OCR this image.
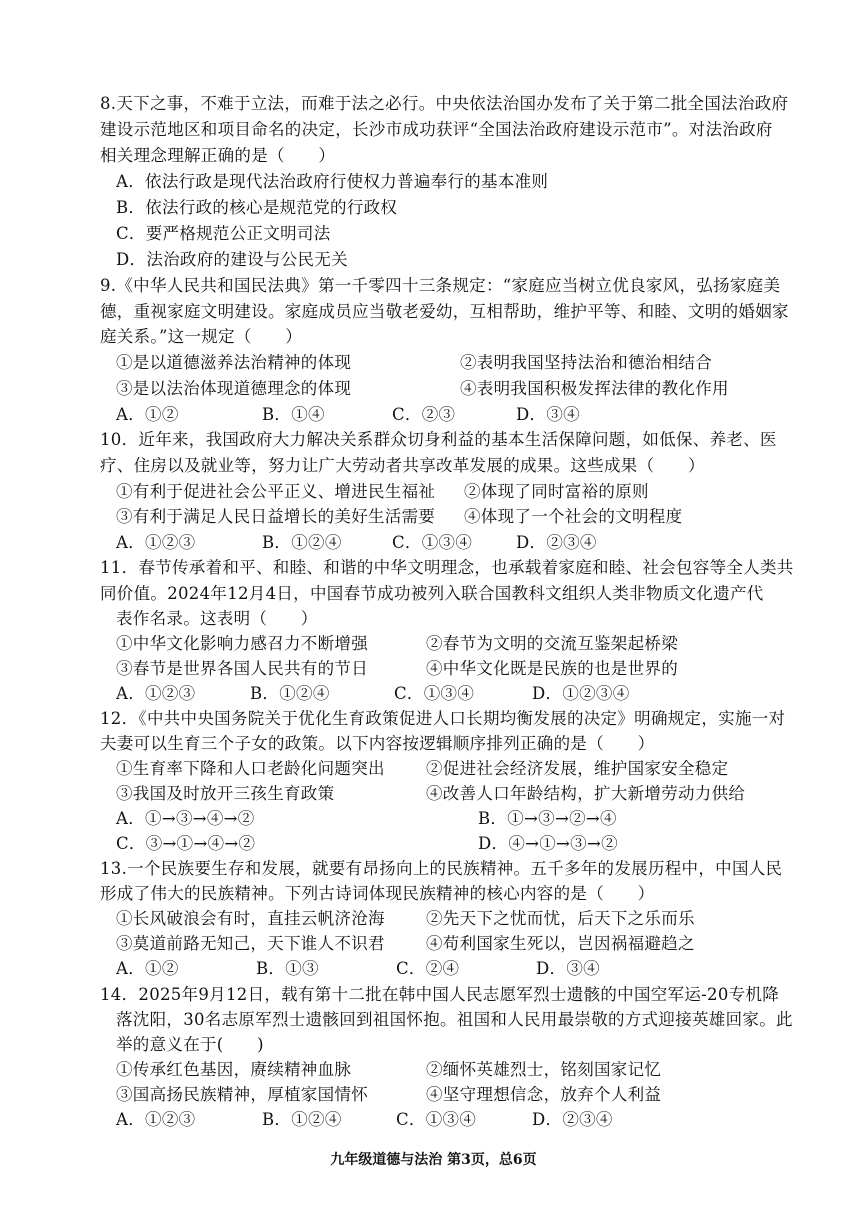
8.天下之事，不难于立法，而难于法之必行。中央依法治国办发布了关于第二批全国法治政府
建设示范地区和项目命名的决定，长沙市成功获评“全国法治政府建设示范市”。对法治政府
相关理念理解正确的是（　　）
A．依法行政是现代法治政府行使权力普遍奉行的基本准则
B．依法行政的核心是规范党的行政权
C．要严格规范公正文明司法
D．法治政府的建设与公民无关
9.《中华人民共和国民法典》第一千零四十三条规定：“家庭应当树立优良家风，弘扬家庭美
德，重视家庭文明建设。家庭成员应当敬老爱幼，互相帮助，维护平等、和睦、文明的婚姻家
庭关系。”这一规定（　　）
①是以道德滋养法治精神的体现	②表明我国坚持法治和德治相结合
③是以法治体现道德理念的体现	④表明我国积极发挥法律的教化作用
A．①②	B．①④	C．②③	D．③④
10．近年来，我国政府大力解决关系群众切身利益的基本生活保障问题，如低保、养老、医
疗、住房以及就业等，努力让广大劳动者共享改革发展的成果。这些成果（　　）
①有利于促进社会公平正义、增进民生福祉 ②体现了同时富裕的原则
③有利于满足人民日益增长的美好生活需要 ④体现了一个社会的文明程度
A．①②③	B．①②④	C．①③④	D．②③④
11．春节传承着和平、和睦、和谐的中华文明理念，也承载着家庭和睦、社会包容等全人类共
同价值。2024年12月4日，中国春节成功被列入联合国教科文组织人类非物质文化遗产代
表作名录。这表明（　　）
①中华文化影响力感召力不断增强	②春节为文明的交流互鉴架起桥梁
③春节是世界各国人民共有的节日	④中华文化既是民族的也是世界的
A．①②③	B．①②④	C．①③④	D．①②③④
12．《中共中央国务院关于优化生育政策促进人口长期均衡发展的决定》明确规定，实施一对
夫妻可以生育三个子女的政策。以下内容按逻辑顺序排列正确的是（　　）
①生育率下降和人口老龄化问题突出 ②促进社会经济发展，维护国家安全稳定
③我国及时放开三孩生育政策	④改善人口年龄结构，扩大新增劳动力供给
A．①→③→④→②	B．①→③→②→④
C．③→①→④→②	D．④→①→③→②
13.一个民族要生存和发展，就要有昂扬向上的民族精神。五千多年的发展历程中，中国人民
形成了伟大的民族精神。下列古诗词体现民族精神的核心内容的是（　　）
①长风破浪会有时，直挂云帆济沧海 ②先天下之忧而忧，后天下之乐而乐
③莫道前路无知己，天下谁人不识君 ④苟利国家生死以，岂因祸福避趋之
A．①②	B．①③	C．②④	D．③④
14．2025年9月12日，载有第十二批在韩中国人民志愿军烈士遗骸的中国空军运-20专机降
落沈阳，30名志原军烈士遗骸回到祖国怀抱。祖国和人民用最崇敬的方式迎接英雄回家。此
举的意义在于(　　)
①传承红色基因，赓续精神血脉	②缅怀英雄烈士，铭刻国家记忆
③国高扬民族精神，厚植家国情怀	④坚守理想信念，放弃个人利益
A．①②③	B．①②④	C．①③④	D．②③④
九年级道德与法治 第3页，总6页
